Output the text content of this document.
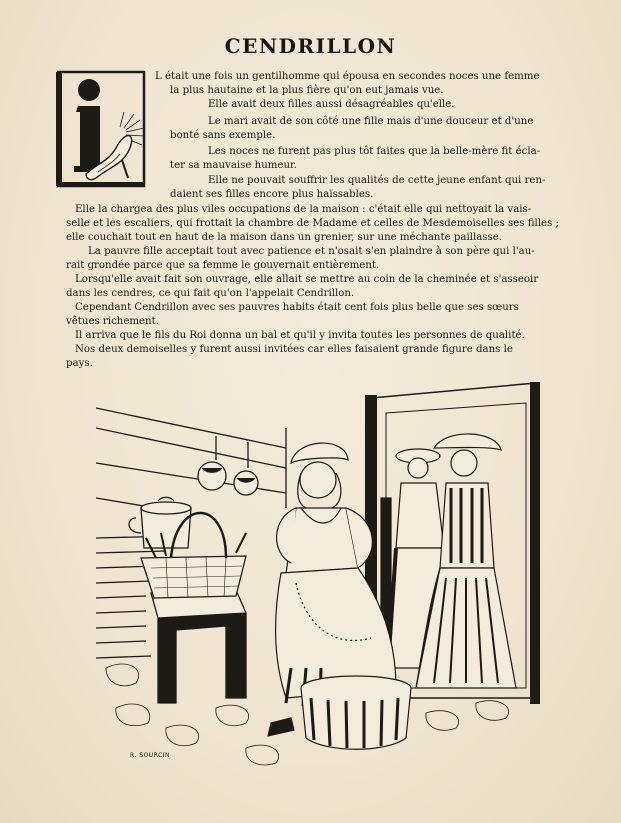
CENDRILLON
L était une fois un gentilhomme qui épousa en secondes noces une femme
la plus hautaine et la plus fière qu'on eut jamais vue.
Elle avait deux filles aussi désagréables qu'elle.
Le mari avait de son côté une fille mais d'une douceur et d'une
bonté sans exemple.
Les noces ne furent pas plus tôt faites que la belle-mère fit écla-
ter sa mauvaise humeur.
Elle ne pouvait souffrir les qualités de cette jeune enfant qui ren-
daient ses filles encore plus haïssables.
Elle la chargea des plus viles occupations de la maison : c'était elle qui nettoyait la vais-
selle et les escaliers, qui frottait la chambre de Madame et celles de Mesdemoiselles ses filles ;
elle couchait tout en haut de la maison dans un grenier, sur une méchante paillasse.
La pauvre fille acceptait tout avec patience et n'osait s'en plaindre à son père qui l'au-
rait grondée parce que sa femme le gouvernait entièrement.
Lorsqu'elle avait fait son ouvrage, elle allait se mettre au coin de la cheminée et s'asseoir
dans les cendres, ce qui fait qu'on l'appelait Cendrillon.
Cependant Cendrillon avec ses pauvres habits était cent fois plus belle que ses sœurs
vêtues richement.
Il arriva que le fils du Roi donna un bal et qu'il y invita toutes les personnes de qualité.
Nos deux demoiselles y furent aussi invitées car elles faisaient grande figure dans le
pays.
R. SOURCIN
